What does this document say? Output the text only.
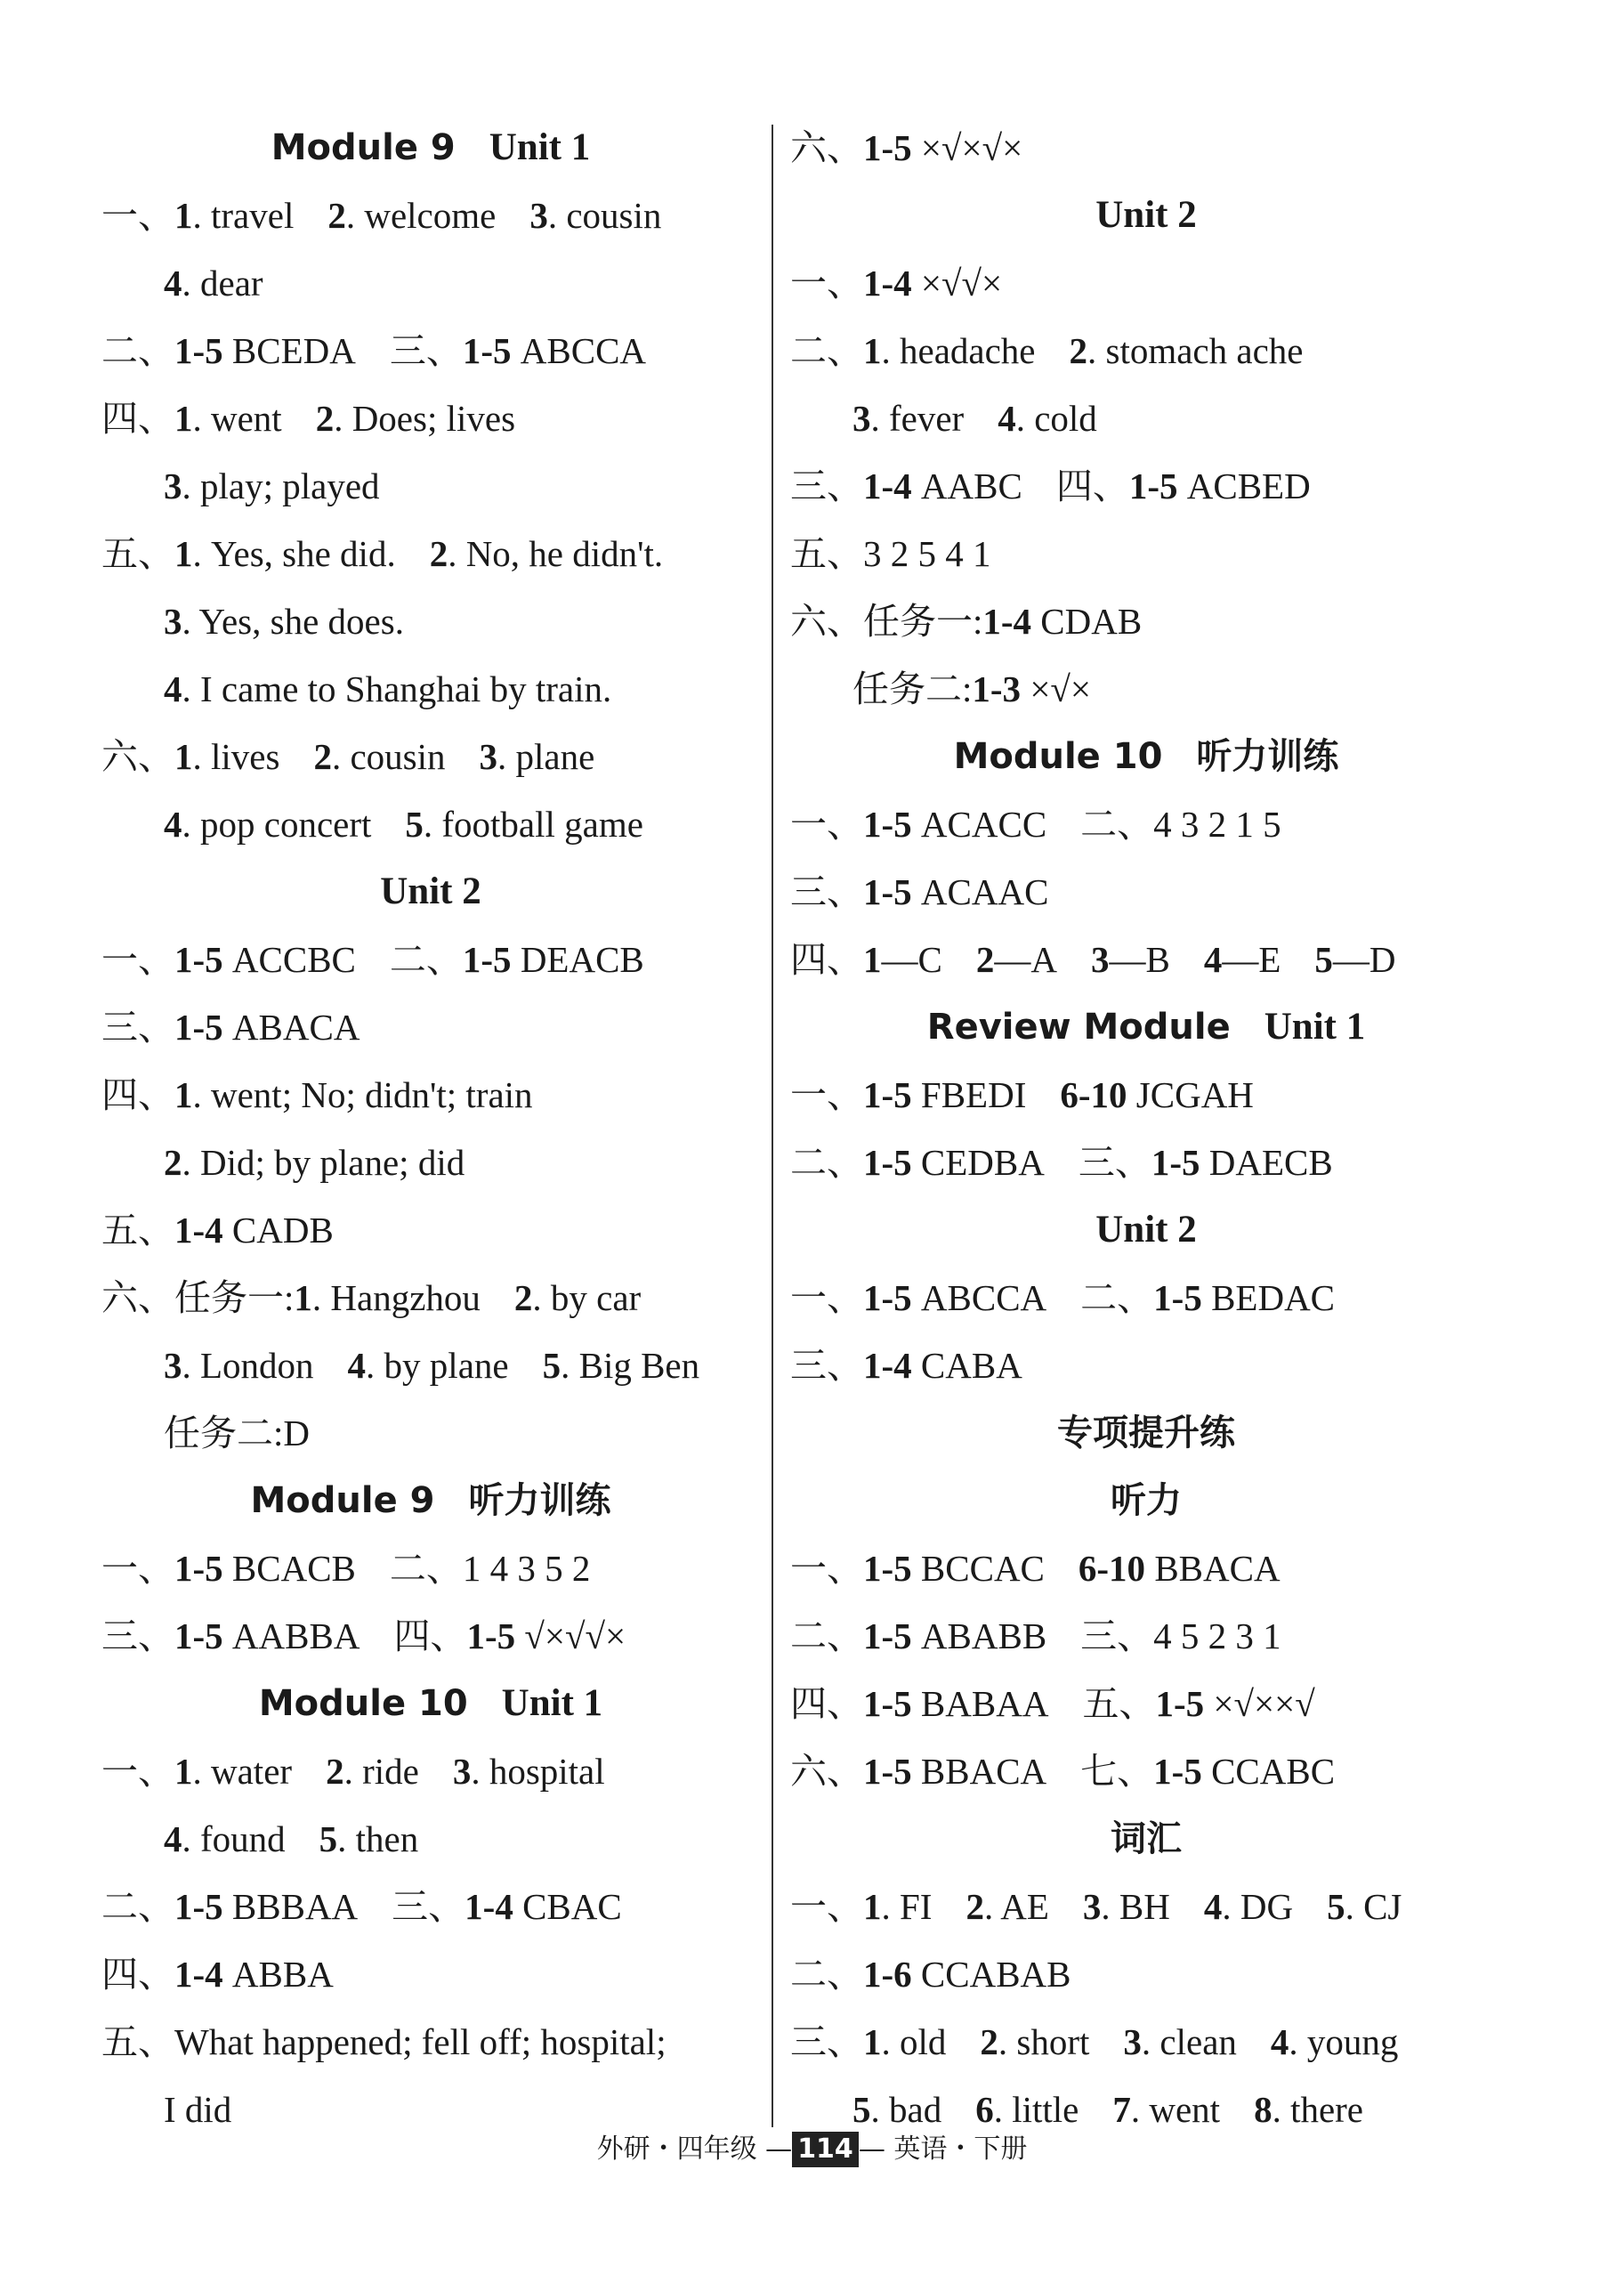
Module 9 Unit 1
一、1. travel 2. welcome 3. cousin
4. dear
二、1-5 BCEDA 三、1-5 ABCCA
四、1. went 2. Does; lives
3. play; played
五、1. Yes, she did. 2. No, he didn't.
3. Yes, she does.
4. I came to Shanghai by train.
六、1. lives 2. cousin 3. plane
4. pop concert 5. football game
Unit 2
一、1-5 ACCBC 二、1-5 DEACB
三、1-5 ABACA
四、1. went; No; didn't; train
2. Did; by plane; did
五、1-4 CADB
六、任务一:1. Hangzhou 2. by car
3. London 4. by plane 5. Big Ben
任务二:D
Module 9 听力训练
一、1-5 BCACB 二、1 4 3 5 2
三、1-5 AABBA 四、1-5 √×√√×
Module 10 Unit 1
一、1. water 2. ride 3. hospital
4. found 5. then
二、1-5 BBBAA 三、1-4 CBAC
四、1-4 ABBA
五、What happened; fell off; hospital;
I did
六、1-5 ×√×√×
Unit 2
一、1-4 ×√√×
二、1. headache 2. stomach ache
3. fever 4. cold
三、1-4 AABC 四、1-5 ACBED
五、3 2 5 4 1
六、任务一:1-4 CDAB
任务二:1-3 ×√×
Module 10 听力训练
一、1-5 ACACC 二、4 3 2 1 5
三、1-5 ACAAC
四、1—C 2—A 3—B 4—E 5—D
Review Module Unit 1
一、1-5 FBEDI 6-10 JCGAH
二、1-5 CEDBA 三、1-5 DAECB
Unit 2
一、1-5 ABCCA 二、1-5 BEDAC
三、1-4 CABA
专项提升练
听力
一、1-5 BCCAC 6-10 BBACA
二、1-5 ABABB 三、4 5 2 3 1
四、1-5 BABAA 五、1-5 ×√××√
六、1-5 BBACA 七、1-5 CCABC
词汇
一、1. FI 2. AE 3. BH 4. DG 5. CJ
二、1-6 CCABAB
三、1. old 2. short 3. clean 4. young
5. bad 6. little 7. went 8. there
外研・四年级 — 114 — 英语・下册
